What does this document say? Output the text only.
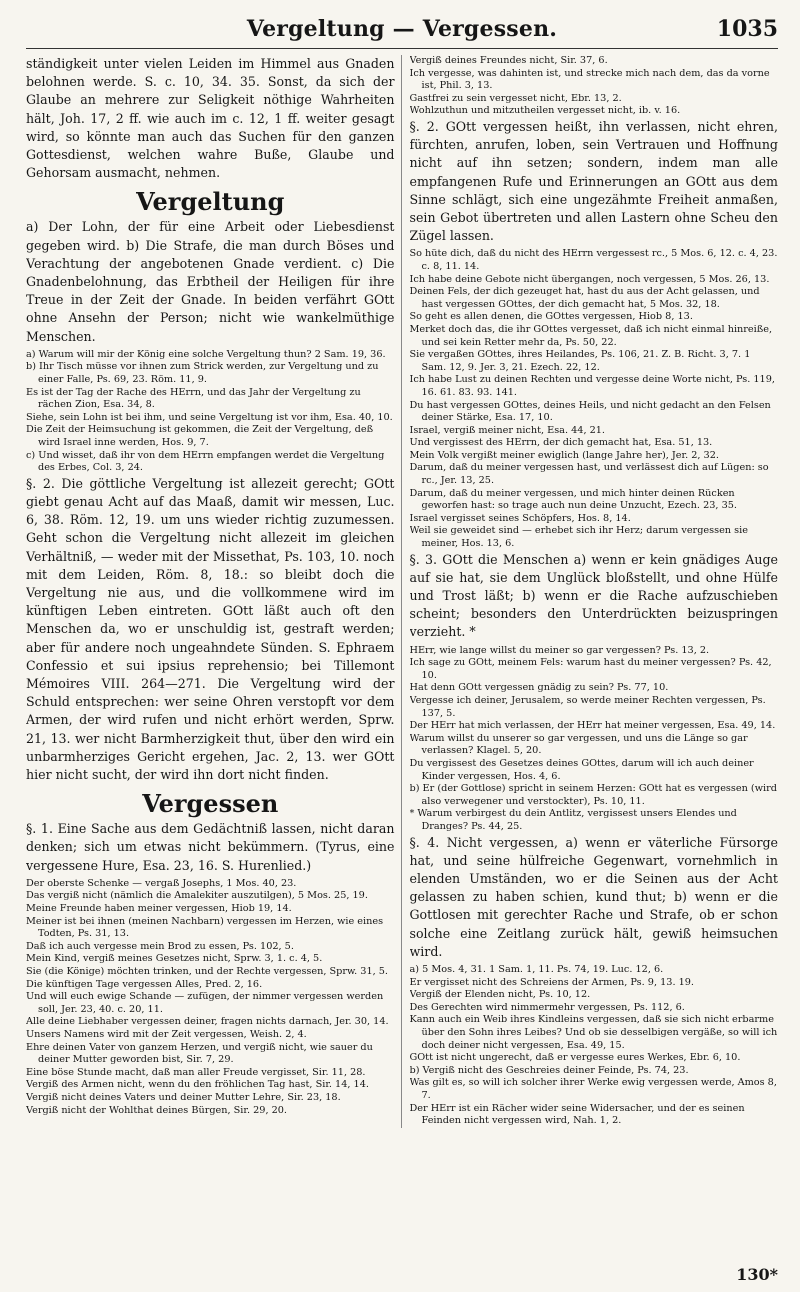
Vergeltung — Vergessen.	1035

ständigkeit unter vielen Leiden im Himmel aus Gnaden belohnen werde. S. c. 10, 34. 35. Sonst, da sich der Glaube an mehrere zur Seligkeit nöthige Wahrheiten hält, Joh. 17, 2 ff. wie auch im c. 12, 1 ff. weiter gesagt wird, so könnte man auch das Suchen für den ganzen Gottesdienst, welchen wahre Buße, Glaube und Gehorsam ausmacht, nehmen.

Vergeltung

a) Der Lohn, der für eine Arbeit oder Liebesdienst gegeben wird. b) Die Strafe, die man durch Böses und Verachtung der angebotenen Gnade verdient. c) Die Gnadenbelohnung, das Erbtheil der Heiligen für ihre Treue in der Zeit der Gnade. In beiden verfährt GOtt ohne Ansehn der Person; nicht wie wankelmüthige Menschen.

a) Warum will mir der König eine solche Vergeltung thun? 2 Sam. 19, 36.

b) Ihr Tisch müsse vor ihnen zum Strick werden, zur Vergeltung und zu einer Falle, Ps. 69, 23. Röm. 11, 9.

Es ist der Tag der Rache des HErrn, und das Jahr der Vergeltung zu rächen Zion, Esa. 34, 8.

Siehe, sein Lohn ist bei ihm, und seine Vergeltung ist vor ihm, Esa. 40, 10.

Die Zeit der Heimsuchung ist gekommen, die Zeit der Vergeltung, deß wird Israel inne werden, Hos. 9, 7.

c) Und wisset, daß ihr von dem HErrn empfangen werdet die Vergeltung des Erbes, Col. 3, 24.

§. 2. Die göttliche Vergeltung ist allezeit gerecht; GOtt giebt genau Acht auf das Maaß, damit wir messen, Luc. 6, 38. Röm. 12, 19. um uns wieder richtig zuzumessen. Geht schon die Vergeltung nicht allezeit im gleichen Verhältniß, — weder mit der Missethat, Ps. 103, 10. noch mit dem Leiden, Röm. 8, 18.: so bleibt doch die Vergeltung nie aus, und die vollkommene wird im künftigen Leben eintreten. GOtt läßt auch oft den Menschen da, wo er unschuldig ist, gestraft werden; aber für andere noch ungeahndete Sünden. S. Ephraem Confessio et sui ipsius reprehensio; bei Tillemont Mémoires VIII. 264—271. Die Vergeltung wird der Schuld entsprechen: wer seine Ohren verstopft vor dem Armen, der wird rufen und nicht erhört werden, Sprw. 21, 13. wer nicht Barmherzigkeit thut, über den wird ein unbarmherziges Gericht ergehen, Jac. 2, 13. wer GOtt hier nicht sucht, der wird ihn dort nicht finden.

Vergessen

§. 1. Eine Sache aus dem Gedächtniß lassen, nicht daran denken; sich um etwas nicht bekümmern. (Tyrus, eine vergessene Hure, Esa. 23, 16. S. Hurenlied.)

Der oberste Schenke — vergaß Josephs, 1 Mos. 40, 23.

Das vergiß nicht (nämlich die Amalekiter auszutilgen), 5 Mos. 25, 19.

Meine Freunde haben meiner vergessen, Hiob 19, 14.

Meiner ist bei ihnen (meinen Nachbarn) vergessen im Herzen, wie eines Todten, Ps. 31, 13.

Daß ich auch vergesse mein Brod zu essen, Ps. 102, 5.

Mein Kind, vergiß meines Gesetzes nicht, Sprw. 3, 1. c. 4, 5.

Sie (die Könige) möchten trinken, und der Rechte vergessen, Sprw. 31, 5.

Die künftigen Tage vergessen Alles, Pred. 2, 16.

Und will euch ewige Schande — zufügen, der nimmer vergessen werden soll, Jer. 23, 40. c. 20, 11.

Alle deine Liebhaber vergessen deiner, fragen nichts darnach, Jer. 30, 14.

Unsers Namens wird mit der Zeit vergessen, Weish. 2, 4.

Ehre deinen Vater von ganzem Herzen, und vergiß nicht, wie sauer du deiner Mutter geworden bist, Sir. 7, 29.

Eine böse Stunde macht, daß man aller Freude vergisset, Sir. 11, 28.

Vergiß des Armen nicht, wenn du den fröhlichen Tag hast, Sir. 14, 14.

Vergiß nicht deines Vaters und deiner Mutter Lehre, Sir. 23, 18.

Vergiß nicht der Wohlthat deines Bürgen, Sir. 29, 20.

Vergiß deines Freundes nicht, Sir. 37, 6.

Ich vergesse, was dahinten ist, und strecke mich nach dem, das da vorne ist, Phil. 3, 13.

Gastfrei zu sein vergesset nicht, Ebr. 13, 2.

Wohlzuthun und mitzutheilen vergesset nicht, ib. v. 16.

§. 2. GOtt vergessen heißt, ihn verlassen, nicht ehren, fürchten, anrufen, loben, sein Vertrauen und Hoffnung nicht auf ihn setzen; sondern, indem man alle empfangenen Rufe und Erinnerungen an GOtt aus dem Sinne schlägt, sich eine ungezähmte Freiheit anmaßen, sein Gebot übertreten und allen Lastern ohne Scheu den Zügel lassen.

So hüte dich, daß du nicht des HErrn vergessest rc., 5 Mos. 6, 12. c. 4, 23. c. 8, 11. 14.

Ich habe deine Gebote nicht übergangen, noch vergessen, 5 Mos. 26, 13.

Deinen Fels, der dich gezeuget hat, hast du aus der Acht gelassen, und hast vergessen GOttes, der dich gemacht hat, 5 Mos. 32, 18.

So geht es allen denen, die GOttes vergessen, Hiob 8, 13.

Merket doch das, die ihr GOttes vergesset, daß ich nicht einmal hinreiße, und sei kein Retter mehr da, Ps. 50, 22.

Sie vergaßen GOttes, ihres Heilandes, Ps. 106, 21. Z. B. Richt. 3, 7. 1 Sam. 12, 9. Jer. 3, 21. Ezech. 22, 12.

Ich habe Lust zu deinen Rechten und vergesse deine Worte nicht, Ps. 119, 16. 61. 83. 93. 141.

Du hast vergessen GOttes, deines Heils, und nicht gedacht an den Felsen deiner Stärke, Esa. 17, 10.

Israel, vergiß meiner nicht, Esa. 44, 21.

Und vergissest des HErrn, der dich gemacht hat, Esa. 51, 13.

Mein Volk vergißt meiner ewiglich (lange Jahre her), Jer. 2, 32.

Darum, daß du meiner vergessen hast, und verlässest dich auf Lügen: so rc., Jer. 13, 25.

Darum, daß du meiner vergessen, und mich hinter deinen Rücken geworfen hast: so trage auch nun deine Unzucht, Ezech. 23, 35.

Israel vergisset seines Schöpfers, Hos. 8, 14.

Weil sie geweidet sind — erhebet sich ihr Herz; darum vergessen sie meiner, Hos. 13, 6.

§. 3. GOtt die Menschen a) wenn er kein gnädiges Auge auf sie hat, sie dem Unglück bloßstellt, und ohne Hülfe und Trost läßt; b) wenn er die Rache aufzuschieben scheint; besonders den Unterdrückten beizuspringen verzieht. *

HErr, wie lange willst du meiner so gar vergessen? Ps. 13, 2.

Ich sage zu GOtt, meinem Fels: warum hast du meiner vergessen? Ps. 42, 10.

Hat denn GOtt vergessen gnädig zu sein? Ps. 77, 10.

Vergesse ich deiner, Jerusalem, so werde meiner Rechten vergessen, Ps. 137, 5.

Der HErr hat mich verlassen, der HErr hat meiner vergessen, Esa. 49, 14.

Warum willst du unserer so gar vergessen, und uns die Länge so gar verlassen? Klagel. 5, 20.

Du vergissest des Gesetzes deines GOttes, darum will ich auch deiner Kinder vergessen, Hos. 4, 6.

b) Er (der Gottlose) spricht in seinem Herzen: GOtt hat es vergessen (wird also verwegener und verstockter), Ps. 10, 11.

* Warum verbirgest du dein Antlitz, vergissest unsers Elendes und Dranges? Ps. 44, 25.

§. 4. Nicht vergessen, a) wenn er väterliche Fürsorge hat, und seine hülfreiche Gegenwart, vornehmlich in elenden Umständen, wo er die Seinen aus der Acht gelassen zu haben schien, kund thut; b) wenn er die Gottlosen mit gerechter Rache und Strafe, ob er schon solche eine Zeitlang zurück hält, gewiß heimsuchen wird.

a) 5 Mos. 4, 31. 1 Sam. 1, 11. Ps. 74, 19. Luc. 12, 6.

Er vergisset nicht des Schreiens der Armen, Ps. 9, 13. 19.

Vergiß der Elenden nicht, Ps. 10, 12.

Des Gerechten wird nimmermehr vergessen, Ps. 112, 6.

Kann auch ein Weib ihres Kindleins vergessen, daß sie sich nicht erbarme über den Sohn ihres Leibes? Und ob sie desselbigen vergäße, so will ich doch deiner nicht vergessen, Esa. 49, 15.

GOtt ist nicht ungerecht, daß er vergesse eures Werkes, Ebr. 6, 10.

b) Vergiß nicht des Geschreies deiner Feinde, Ps. 74, 23.

Was gilt es, so will ich solcher ihrer Werke ewig vergessen werde, Amos 8, 7.

Der HErr ist ein Rächer wider seine Widersacher, und der es seinen Feinden nicht vergessen wird, Nah. 1, 2.

130*
